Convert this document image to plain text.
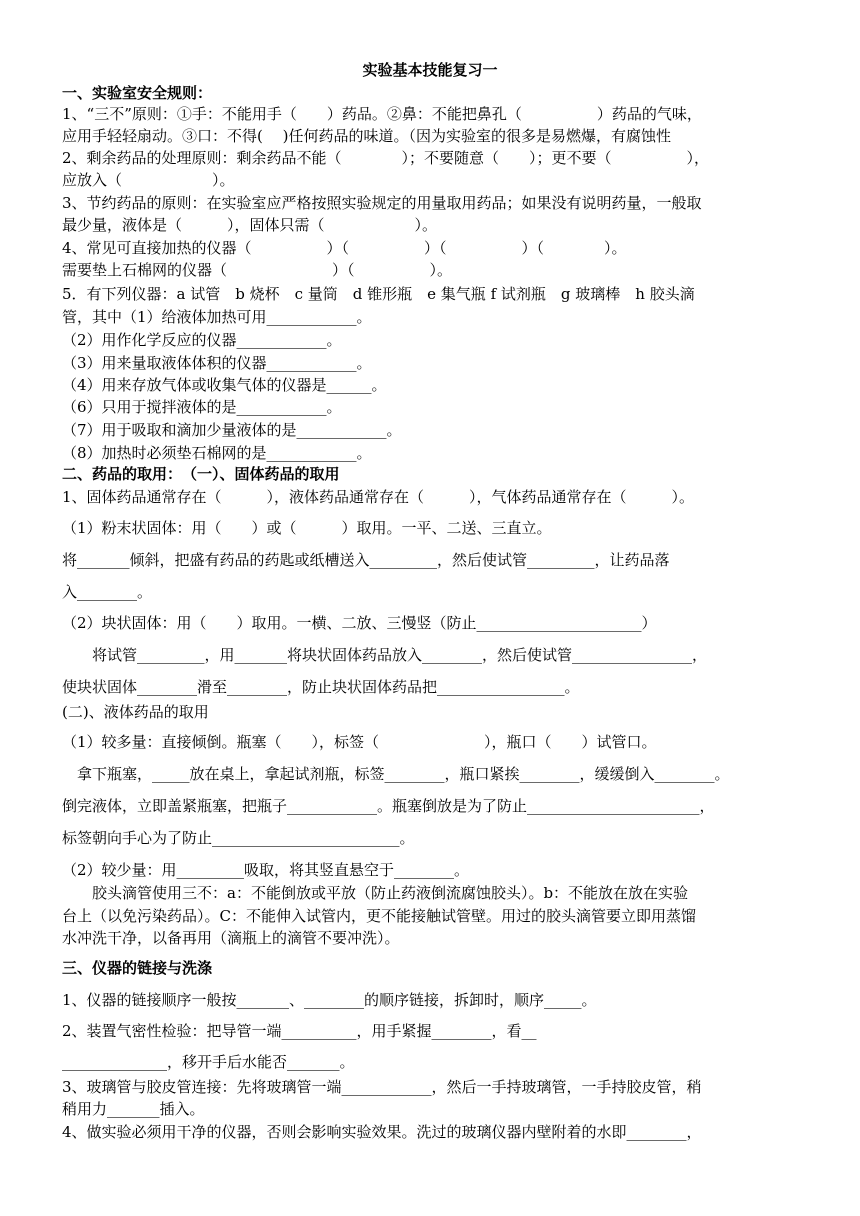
实验基本技能复习一
一、实验室安全规则：
1、“三不”原则：①手：不能用手（　　）药品。②鼻：不能把鼻孔（　　　　　）药品的气味，
应用手轻轻扇动。③口：不得(　 )任何药品的味道。（因为实验室的很多是易燃爆，有腐蚀性
2、剩余药品的处理原则：剩余药品不能（　　　　）；不要随意（　　）；更不要（　　　　　），
应放入（　　　　　　）。
3、节约药品的原则：在实验室应严格按照实验规定的用量取用药品；如果没有说明药量，一般取
最少量，液体是（　　　），固体只需（　　　　　　）。
4、常见可直接加热的仪器（　　　　　）（　　　　　）（　　　　　）（　　　　）。
需要垫上石棉网的仪器（　　　　　　　）（　　　　　）。
5．有下列仪器：a 试管　b 烧杯　c 量筒　d 锥形瓶　e 集气瓶 f 试剂瓶　g 玻璃棒　h 胶头滴
管，其中（1）给液体加热可用____________。
（2）用作化学反应的仪器____________。
（3）用来量取液体体积的仪器____________。
（4）用来存放气体或收集气体的仪器是______。
（6）只用于搅拌液体的是____________。
（7）用于吸取和滴加少量液体的是____________。
（8）加热时必须垫石棉网的是____________。
二、药品的取用：　（一）、固体药品的取用
1、固体药品通常存在（　　　），液体药品通常存在（　　　），气体药品通常存在（　　　）。
（1）粉末状固体：用（　　）或（　　　）取用。一平、二送、三直立。
将_______倾斜，把盛有药品的药匙或纸槽送入_________，然后使试管_________，让药品落
入________。
（2）块状固体：用（　　）取用。一横、二放、三慢竖（防止______________________）
　　将试管_________，用_______将块状固体药品放入________，然后使试管________________，
使块状固体________滑至________，防止块状固体药品把_________________。
(二)、液体药品的取用
（1）较多量：直接倾倒。瓶塞（　　），标签（　　　　　　　），瓶口（　　）试管口。
　拿下瓶塞，_____放在桌上，拿起试剂瓶，标签________，瓶口紧挨________，缓缓倒入________。
倒完液体，立即盖紧瓶塞，把瓶子____________。瓶塞倒放是为了防止_______________________，
标签朝向手心为了防止_________________________。
（2）较少量：用_________吸取，将其竖直悬空于________。
　　胶头滴管使用三不：a：不能倒放或平放（防止药液倒流腐蚀胶头）。b：不能放在放在实验
台上（以免污染药品）。C：不能伸入试管内，更不能接触试管壁。用过的胶头滴管要立即用蒸馏
水冲洗干净，以备再用（滴瓶上的滴管不要冲洗）。
三、仪器的链接与洗涤
1、仪器的链接顺序一般按_______、________的顺序链接，拆卸时，顺序_____。
2、装置气密性检验：把导管一端__________，用手紧握________，看__
______________，移开手后水能否_______。
3、玻璃管与胶皮管连接：先将玻璃管一端____________，然后一手持玻璃管，一手持胶皮管，稍
稍用力_______插入。
4、做实验必须用干净的仪器，否则会影响实验效果。洗过的玻璃仪器内壁附着的水即________，
